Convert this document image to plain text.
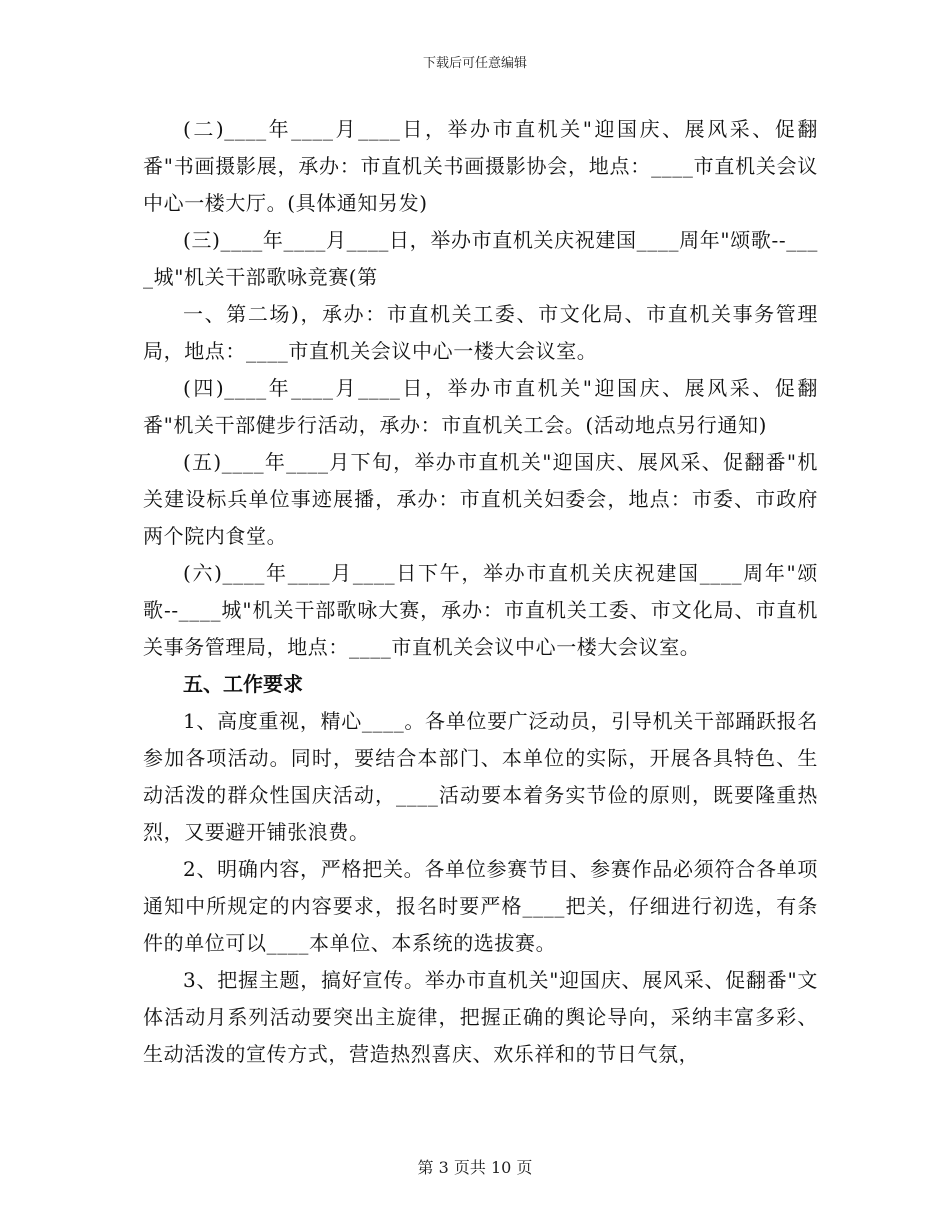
下载后可任意编辑

(二)____年____月____日，举办市直机关"迎国庆、展风采、促翻番"书画摄影展，承办：市直机关书画摄影协会，地点：____市直机关会议中心一楼大厅。(具体通知另发)

(三)____年____月____日，举办市直机关庆祝建国____周年"颂歌--____城"机关干部歌咏竞赛(第

一、第二场)，承办：市直机关工委、市文化局、市直机关事务管理局，地点：____市直机关会议中心一楼大会议室。

(四)____年____月____日，举办市直机关"迎国庆、展风采、促翻番"机关干部健步行活动，承办：市直机关工会。(活动地点另行通知)

(五)____年____月下旬，举办市直机关"迎国庆、展风采、促翻番"机关建设标兵单位事迹展播，承办：市直机关妇委会，地点：市委、市政府两个院内食堂。

(六)____年____月____日下午，举办市直机关庆祝建国____周年"颂歌--____城"机关干部歌咏大赛，承办：市直机关工委、市文化局、市直机关事务管理局，地点：____市直机关会议中心一楼大会议室。

五、工作要求

1、高度重视，精心____。各单位要广泛动员，引导机关干部踊跃报名参加各项活动。同时，要结合本部门、本单位的实际，开展各具特色、生动活泼的群众性国庆活动，____活动要本着务实节俭的原则，既要隆重热烈，又要避开铺张浪费。

2、明确内容，严格把关。各单位参赛节目、参赛作品必须符合各单项通知中所规定的内容要求，报名时要严格____把关，仔细进行初选，有条件的单位可以____本单位、本系统的选拔赛。

3、把握主题，搞好宣传。举办市直机关"迎国庆、展风采、促翻番"文体活动月系列活动要突出主旋律，把握正确的舆论导向，采纳丰富多彩、生动活泼的宣传方式，营造热烈喜庆、欢乐祥和的节日气氛，

第 3 页共 10 页
